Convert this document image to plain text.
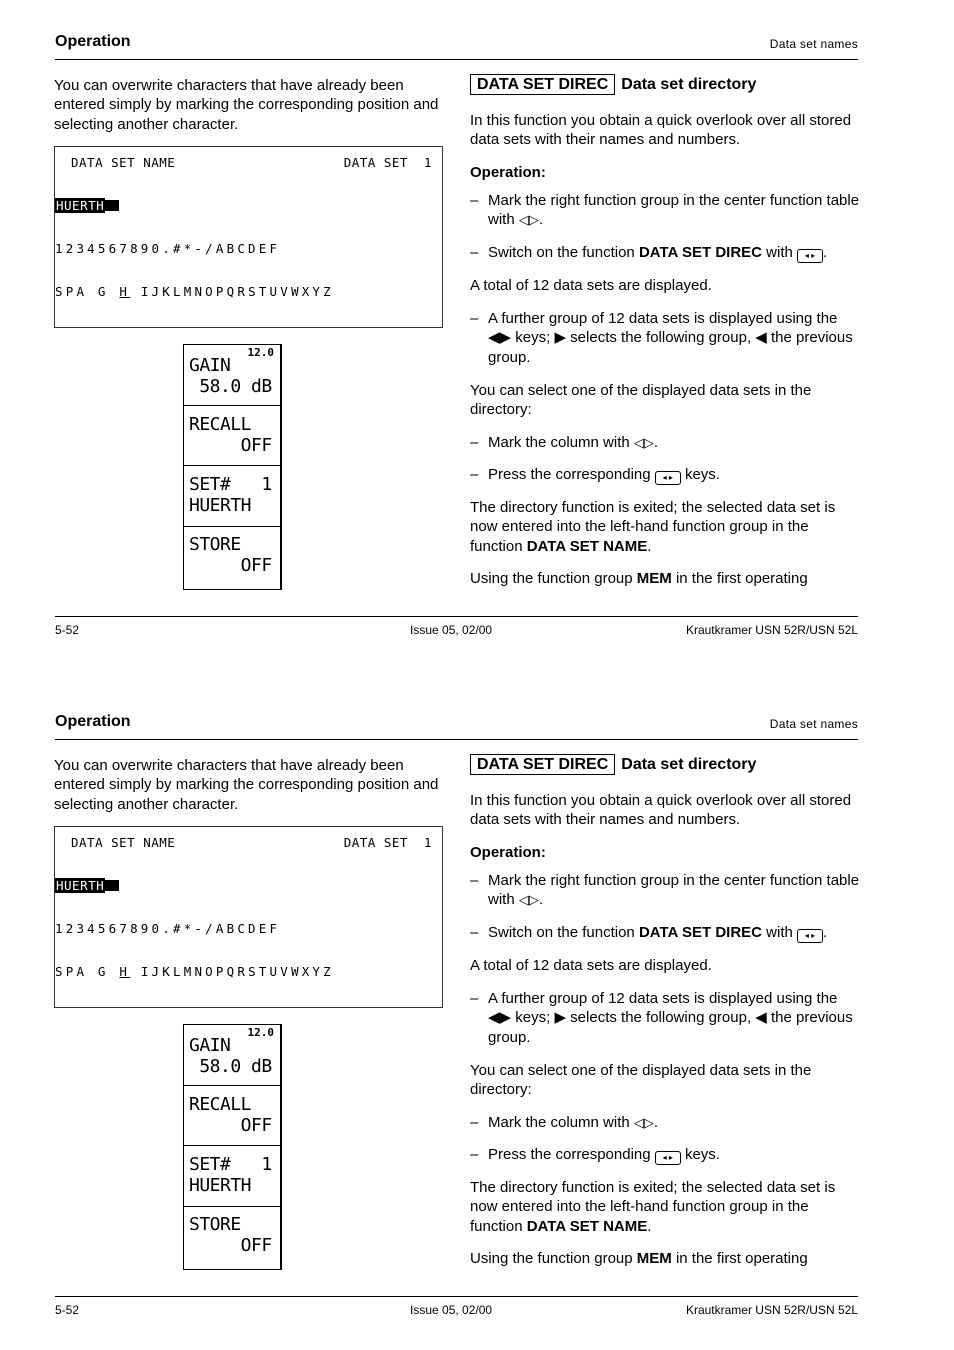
Operation	Data set names
You can overwrite characters that have already been entered simply by marking the corresponding position and selecting another character.
DATA SET NAME	DATA SET  1
HUERTH
1234567890.#*-/ABCDEF
SPA G H IJKLMNOPQRSTUVWXYZ
12.0
GAIN
58.0 dB
RECALL
OFF
SET#   1
HUERTH
STORE
OFF
DATA SET DIREC Data set directory
In this function you obtain a quick overlook over all stored data sets with their names and numbers.
Operation:
– Mark the right function group in the center function table with ◁▷.
– Switch on the function DATA SET DIREC with ◂ ▸ .
A total of 12 data sets are displayed.
– A further group of 12 data sets is displayed using the ◀▶ keys; ▶ selects the following group, ◀ the previous group.
You can select one of the displayed data sets in the directory:
– Mark the column with ◁▷.
– Press the corresponding ◂ ▸ keys.
The directory function is exited; the selected data set is now entered into the left-hand function group in the function DATA SET NAME.
Using the function group MEM in the first operating
5-52	Issue 05, 02/00	Krautkramer USN 52R/USN 52L
Operation	Data set names
You can overwrite characters that have already been entered simply by marking the corresponding position and selecting another character.
DATA SET NAME	DATA SET  1
HUERTH
1234567890.#*-/ABCDEF
SPA G H IJKLMNOPQRSTUVWXYZ
12.0
GAIN
58.0 dB
RECALL
OFF
SET#   1
HUERTH
STORE
OFF
DATA SET DIREC Data set directory
In this function you obtain a quick overlook over all stored data sets with their names and numbers.
Operation:
– Mark the right function group in the center function table with ◁▷.
– Switch on the function DATA SET DIREC with ◂ ▸ .
A total of 12 data sets are displayed.
– A further group of 12 data sets is displayed using the ◀▶ keys; ▶ selects the following group, ◀ the previous group.
You can select one of the displayed data sets in the directory:
– Mark the column with ◁▷.
– Press the corresponding ◂ ▸ keys.
The directory function is exited; the selected data set is now entered into the left-hand function group in the function DATA SET NAME.
Using the function group MEM in the first operating
5-52	Issue 05, 02/00	Krautkramer USN 52R/USN 52L
